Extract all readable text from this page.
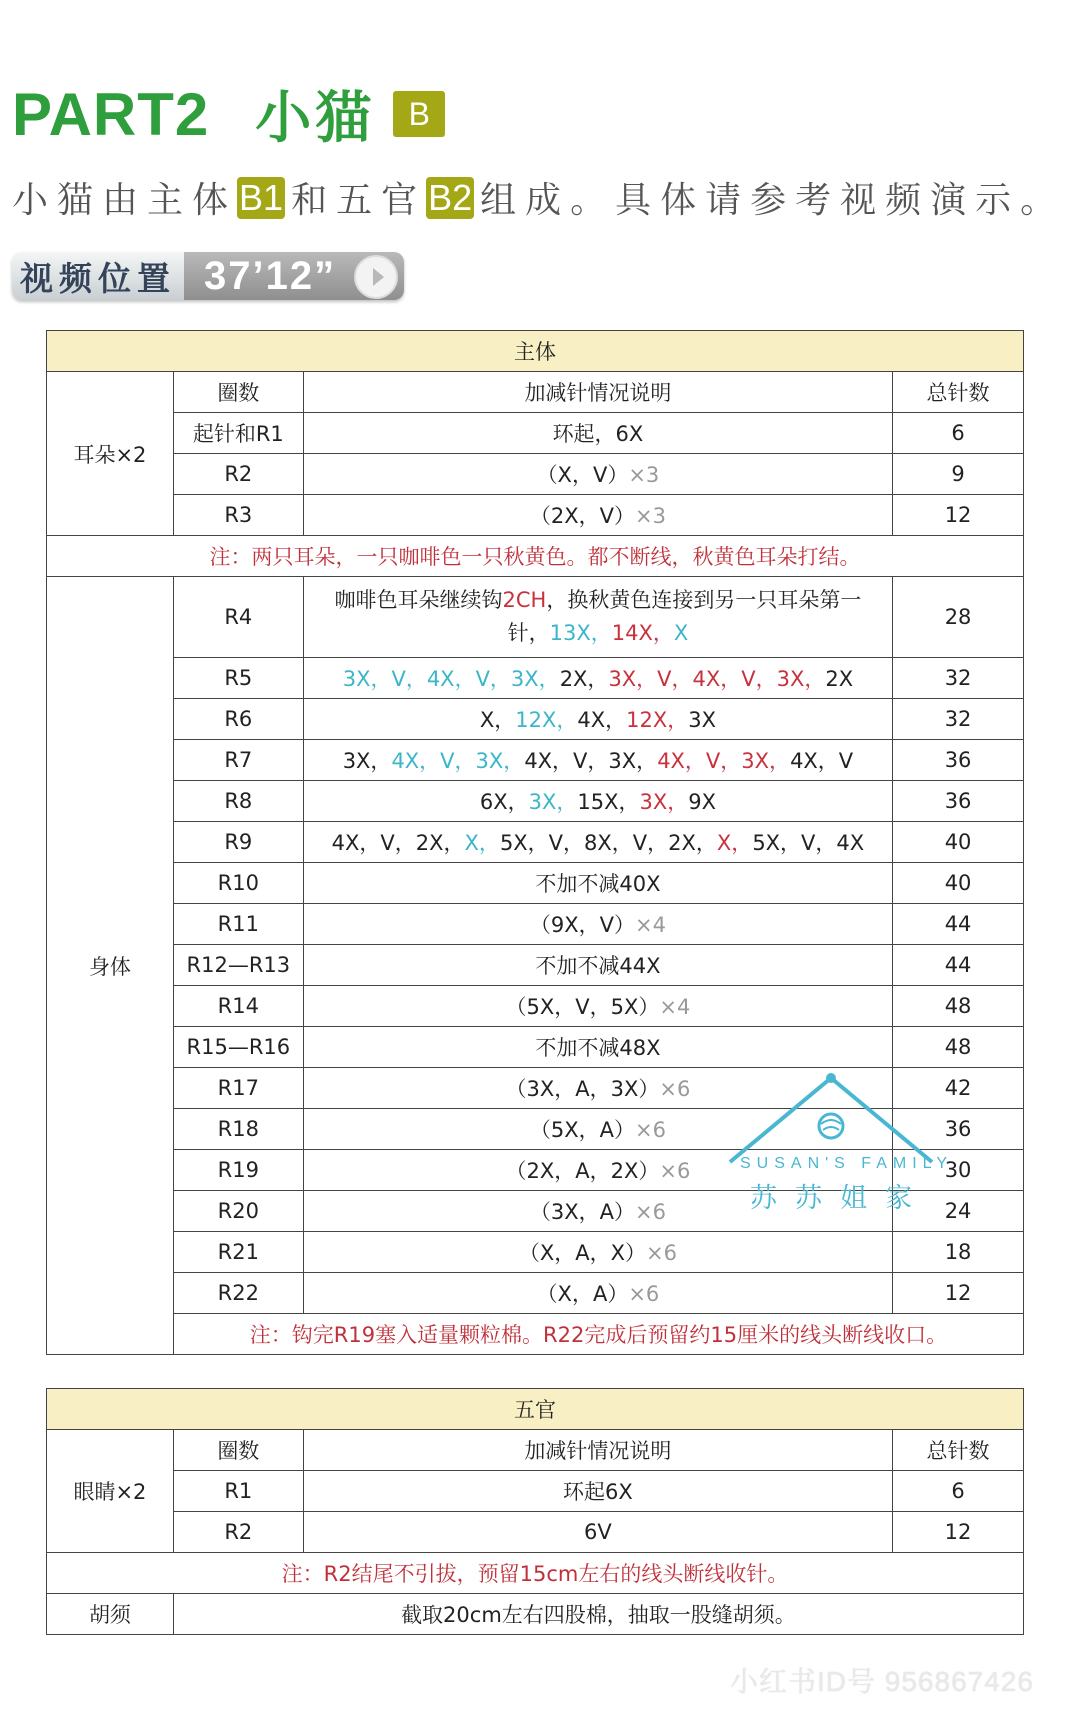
PART2 小猫	B
小猫由主体 B1 和五官 B2 组成。具体请参考视频演示。
视频位置 37’12”
主体			
耳朵×2	圈数	加减针情况说明	总针数
	起针和R1	环起，6X	6
	R2	（X，V）×3	9
	R3	（2X，V）×3	12
注：两只耳朵，一只咖啡色一只秋黄色。都不断线，秋黄色耳朵打结。			
身体	R4	咖啡色耳朵继续钩2CH，换秋黄色连接到另一只耳朵第一
针，13X，14X，X	28
	R5	3X，V，4X，V，3X，2X，3X，V，4X，V，3X，2X	32
	R6	X，12X，4X，12X，3X	32
	R7	3X，4X，V，3X，4X，V，3X，4X，V，3X，4X，V	36
	R8	6X，3X，15X，3X，9X	36
	R9	4X，V，2X，X，5X，V，8X，V，2X，X，5X，V，4X	40
	R10	不加不减40X	40
	R11	（9X，V）×4	44
	R12—R13	不加不减44X	44
	R14	（5X，V，5X）×4	48
	R15—R16	不加不减48X	48
	R17	（3X，A，3X）×6	42
	R18	（5X，A）×6	36
	R19	（2X，A，2X）×6	30
	R20	（3X，A）×6	24
	R21	（X，A，X）×6	18
	R22	（X，A）×6	12
	注：钩完R19塞入适量颗粒棉。R22完成后预留约15厘米的线头断线收口。		
五官			
眼睛×2	圈数	加减针情况说明	总针数
	R1	环起6X	6
	R2	6V	12
注：R2结尾不引拔，预留15cm左右的线头断线收针。			
胡须	截取20cm左右四股棉，抽取一股缝胡须。		
SUSAN'S FAMILY
苏苏姐家
小红书ID号 956867426
